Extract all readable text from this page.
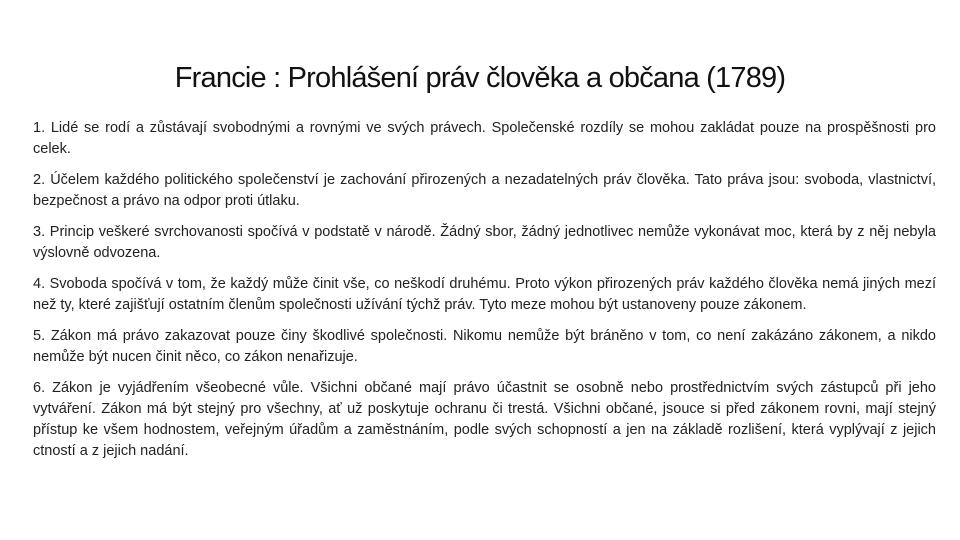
Francie : Prohlášení práv člověka a občana (1789)

1. Lidé se rodí a zůstávají svobodnými a rovnými ve svých právech. Společenské rozdíly se mohou zakládat pouze na prospěšnosti pro celek.

2. Účelem každého politického společenství je zachování přirozených a nezadatelných práv člověka. Tato práva jsou: svoboda, vlastnictví, bezpečnost a právo na odpor proti útlaku.

3. Princip veškeré svrchovanosti spočívá v podstatě v národě. Žádný sbor, žádný jednotlivec nemůže vykonávat moc, která by z něj nebyla výslovně odvozena.

4. Svoboda spočívá v tom, že každý může činit vše, co neškodí druhému. Proto výkon přirozených práv každého člověka nemá jiných mezí než ty, které zajišťují ostatním členům společnosti užívání týchž práv. Tyto meze mohou být ustanoveny pouze zákonem.

5. Zákon má právo zakazovat pouze činy škodlivé společnosti. Nikomu nemůže být bráněno v tom, co není zakázáno zákonem, a nikdo nemůže být nucen činit něco, co zákon nenařizuje.

6. Zákon je vyjádřením všeobecné vůle. Všichni občané mají právo účastnit se osobně nebo prostřednictvím svých zástupců při jeho vytváření. Zákon má být stejný pro všechny, ať už poskytuje ochranu či trestá. Všichni občané, jsouce si před zákonem rovni, mají stejný přístup ke všem hodnostem, veřejným úřadům a zaměstnáním, podle svých schopností a jen na základě rozlišení, která vyplývají z jejich ctností a z jejich nadání.
